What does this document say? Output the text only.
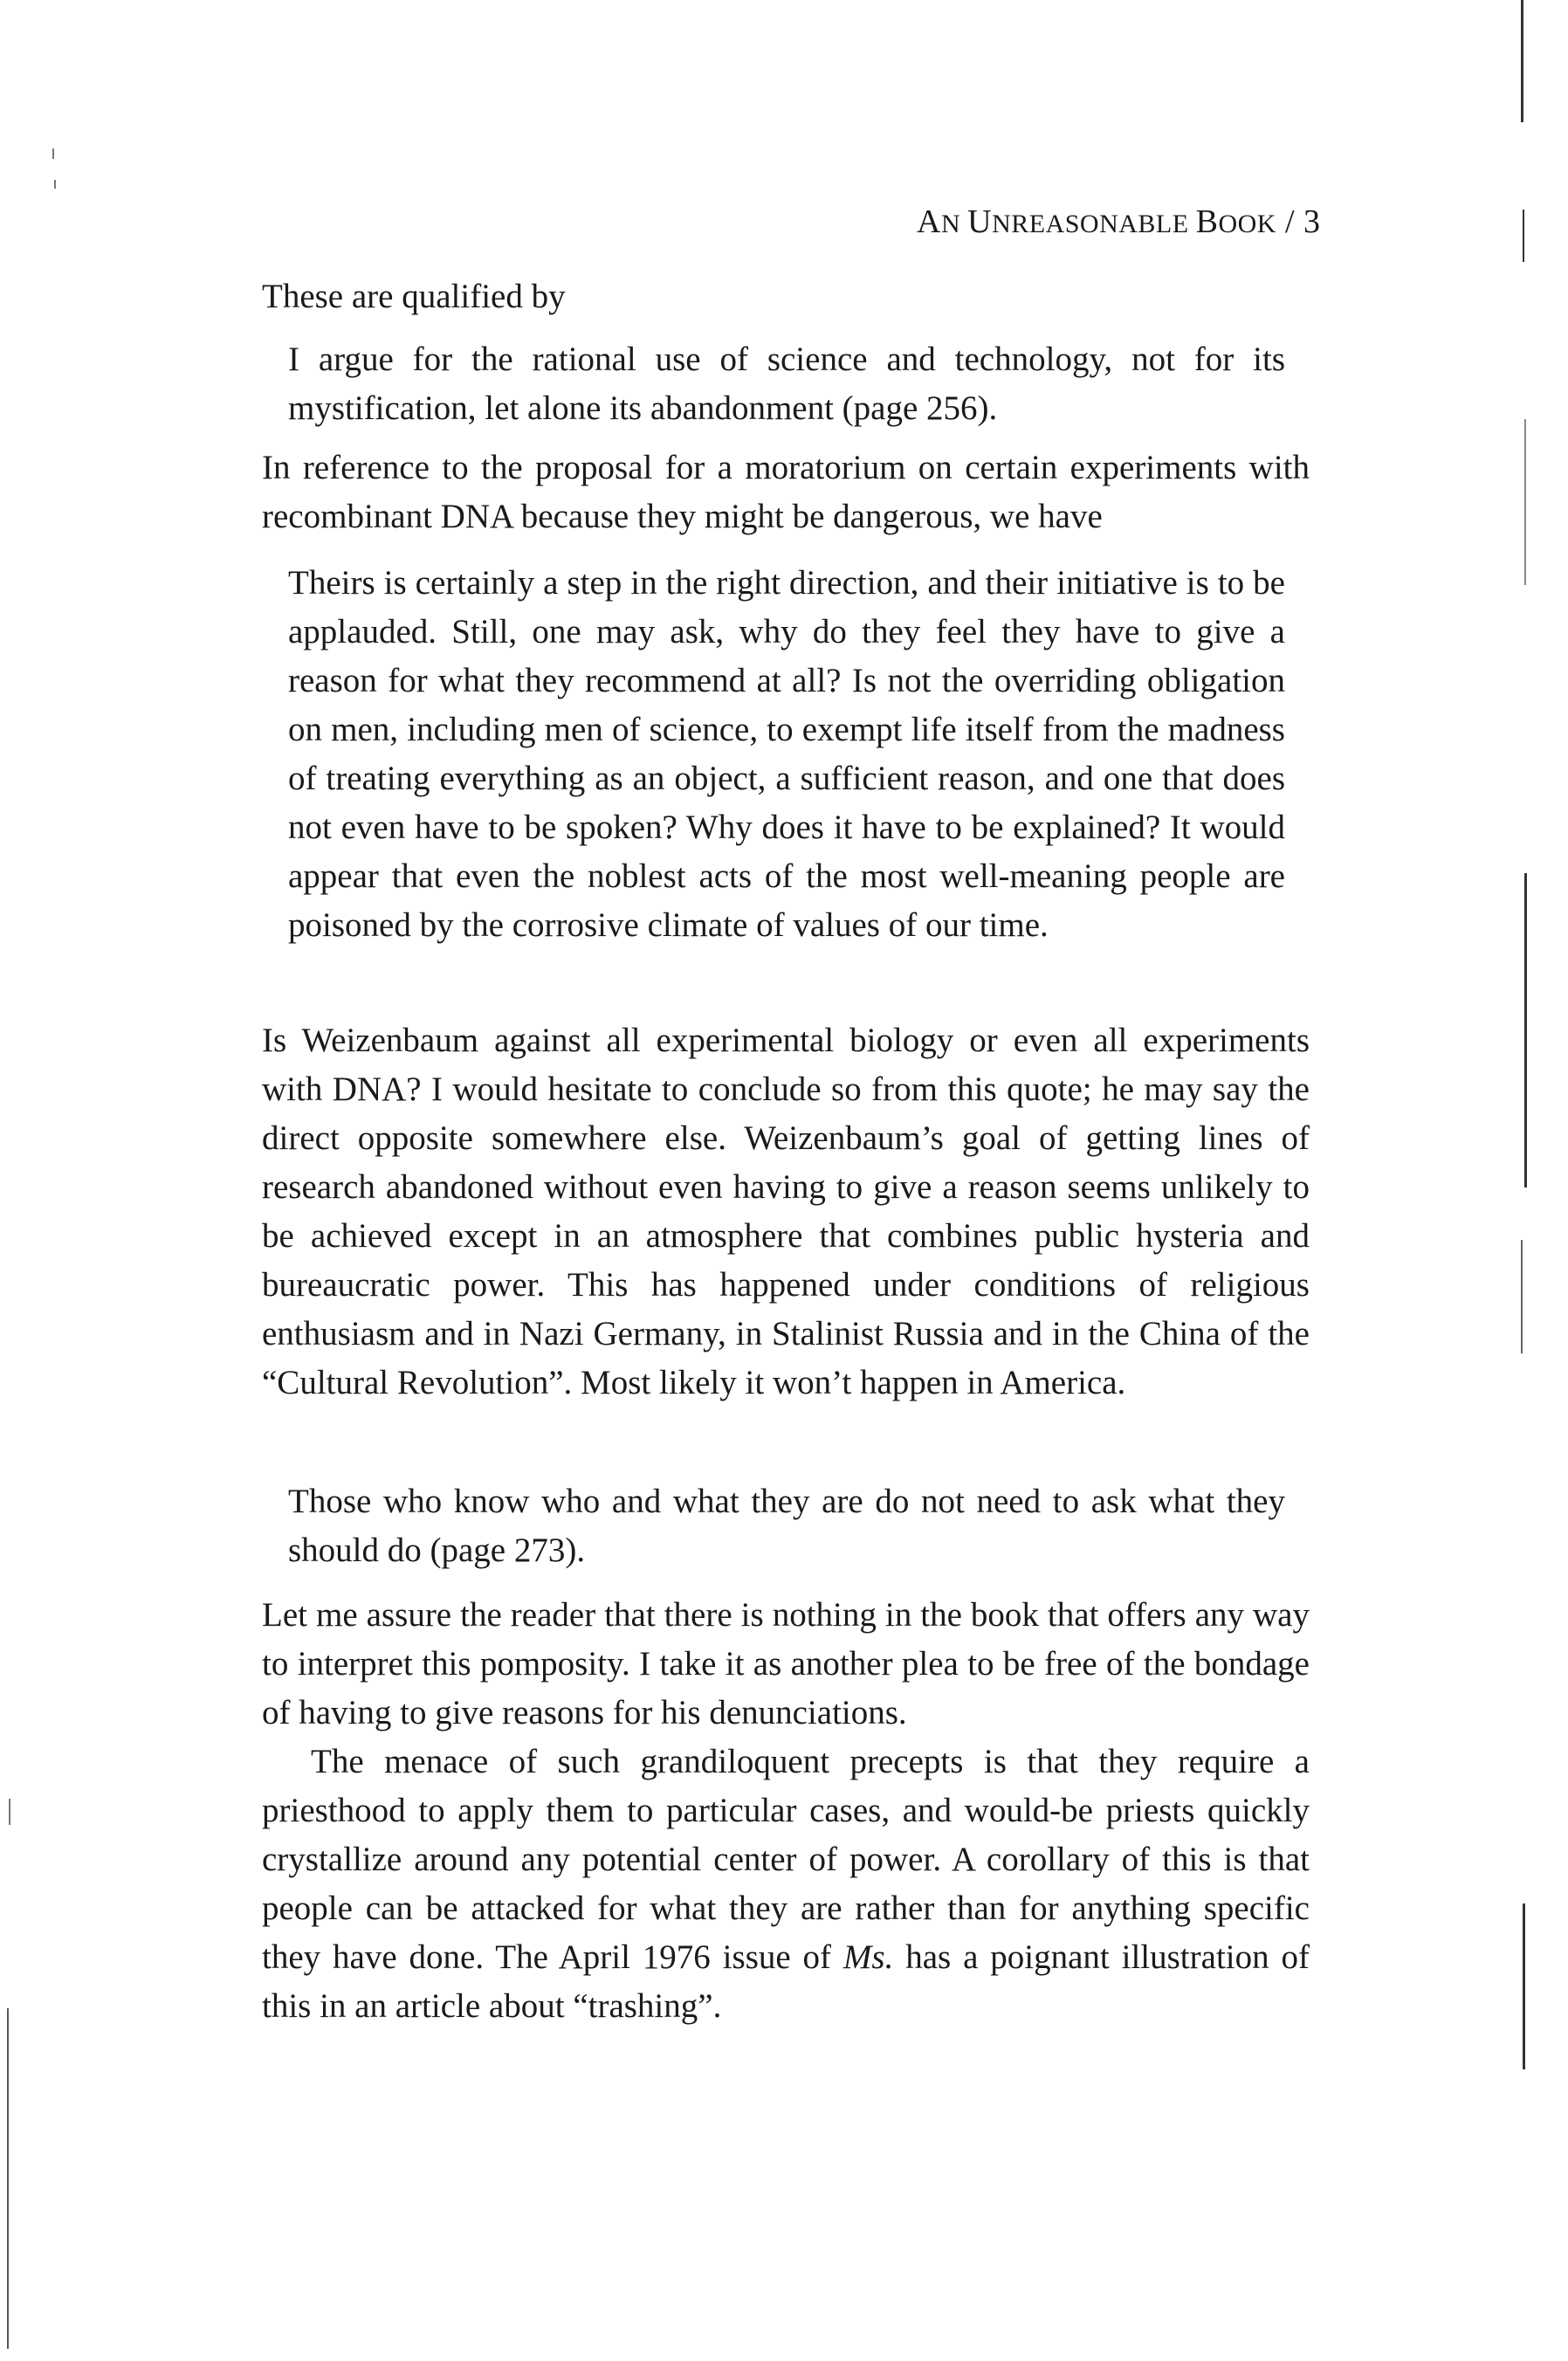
AN UNREASONABLE BOOK / 3

These are qualified by

I argue for the rational use of science and technology, not for its mystification, let alone its abandonment (page 256).

In reference to the proposal for a moratorium on certain experiments with recombinant DNA because they might be dangerous, we have

Theirs is certainly a step in the right direction, and their initiative is to be applauded. Still, one may ask, why do they feel they have to give a reason for what they recommend at all? Is not the overriding obligation on men, including men of science, to exempt life itself from the madness of treating everything as an object, a sufficient reason, and one that does not even have to be spoken? Why does it have to be explained? It would appear that even the noblest acts of the most well-meaning people are poisoned by the corrosive climate of values of our time.

Is Weizenbaum against all experimental biology or even all experiments with DNA? I would hesitate to conclude so from this quote; he may say the direct opposite somewhere else. Weizenbaum’s goal of getting lines of research abandoned without even having to give a reason seems unlikely to be achieved except in an atmosphere that combines public hysteria and bureaucratic power. This has happened under conditions of religious enthusiasm and in Nazi Germany, in Stalinist Russia and in the China of the “Cultural Revolution”. Most likely it won’t happen in America.

Those who know who and what they are do not need to ask what they should do (page 273).

Let me assure the reader that there is nothing in the book that offers any way to interpret this pomposity. I take it as another plea to be free of the bondage of having to give reasons for his denunciations.

The menace of such grandiloquent precepts is that they require a priesthood to apply them to particular cases, and would-be priests quickly crystallize around any potential center of power. A corollary of this is that people can be attacked for what they are rather than for anything specific they have done. The April 1976 issue of Ms. has a poignant illustration of this in an article about “trashing”.
